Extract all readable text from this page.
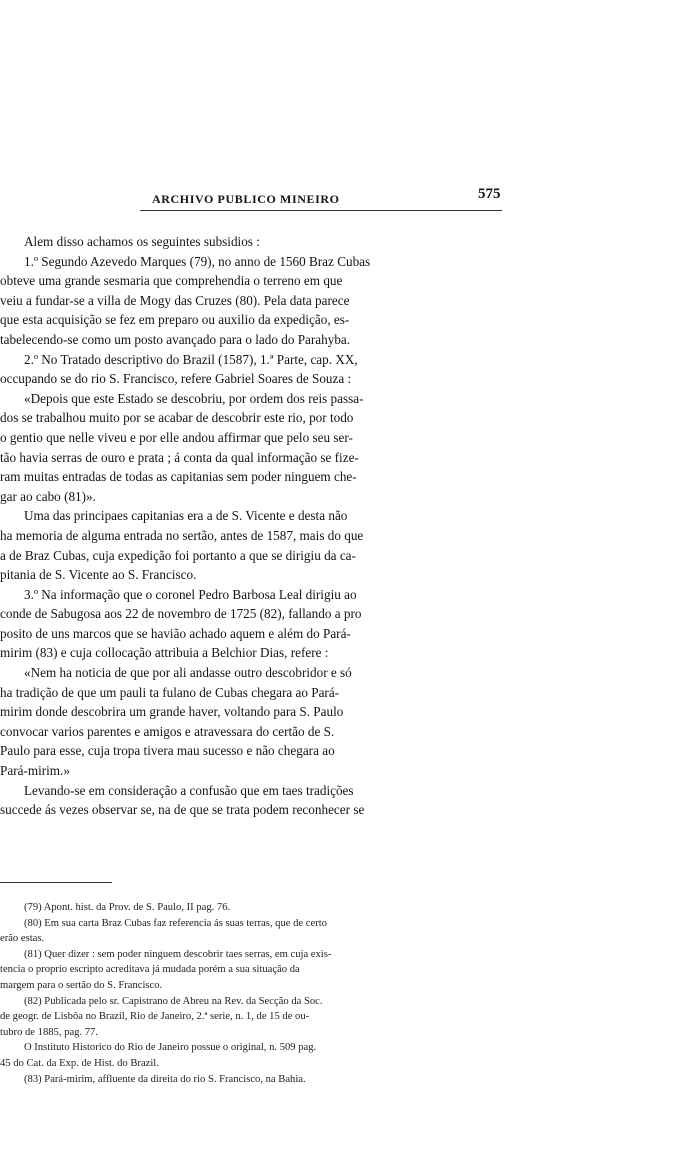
ARCHIVO PUBLICO MINEIRO	575
Alem disso achamos os seguintes subsidios :
1.º Segundo Azevedo Marques (79), no anno de 1560 Braz Cubas
obteve uma grande sesmaria que comprehendia o terreno em que
veiu a fundar-se a villa de Mogy das Cruzes (80). Pela data parece
que esta acquisição se fez em preparo ou auxilio da expedição, es-
tabelecendo-se como um posto avançado para o lado do Parahyba.
2.º No Tratado descriptivo do Brazil (1587), 1.ª Parte, cap. XX,
occupando se do rio S. Francisco, refere Gabriel Soares de Souza :
«Depois que este Estado se descobriu, por ordem dos reis passa-
dos se trabalhou muito por se acabar de descobrir este rio, por todo
o gentio que nelle viveu e por elle andou affirmar que pelo seu ser-
tão havia serras de ouro e prata ; á conta da qual informação se fize-
ram muitas entradas de todas as capitanias sem poder ninguem che-
gar ao cabo (81)».
Uma das principaes capitanias era a de S. Vicente e desta não
ha memoria de alguma entrada no sertão, antes de 1587, mais do que
a de Braz Cubas, cuja expedição foi portanto a que se dirigiu da ca-
pitania de S. Vicente ao S. Francisco.
3.º Na informação que o coronel Pedro Barbosa Leal dirigiu ao
conde de Sabugosa aos 22 de novembro de 1725 (82), fallando a pro
posito de uns marcos que se havião achado aquem e além do Pará-
mirim (83) e cuja collocação attribuia a Belchior Dias, refere :
«Nem ha noticia de que por ali andasse outro descobridor e só
ha tradição de que um pauli ta fulano de Cubas chegara ao Pará-
mirim donde descobrira um grande haver, voltando para S. Paulo
convocar varios parentes e amigos e atravessara do certão de S.
Paulo para esse, cuja tropa tivera mau sucesso e não chegara ao
Pará-mirim.»
Levando-se em consideração a confusão que em taes tradições
succede ás vezes observar se, na de que se trata podem reconhecer se
(79) Apont. hist. da Prov. de S. Paulo, II pag. 76.
(80) Em sua carta Braz Cubas faz referencia ás suas terras, que de certo
erão estas.
(81) Quer dizer : sem poder ninguem descobrir taes serras, em cuja exis-
tencia o proprio escripto acreditava já mudada porém a sua situação da
margem para o sertão do S. Francisco.
(82) Publicada pelo sr. Capistrano de Abreu na Rev. da Secção da Soc.
de geogr. de Lisbôa no Brazil, Rio de Janeiro, 2.ª serie, n. 1, de 15 de ou-
tubro de 1885, pag. 77.
O Instituto Historico do Rio de Janeiro possue o original, n. 509 pag.
45 do Cat. da Exp. de Hist. do Brazil.
(83) Pará-mirim, affluente da direita do rio S. Francisco, na Bahia.
